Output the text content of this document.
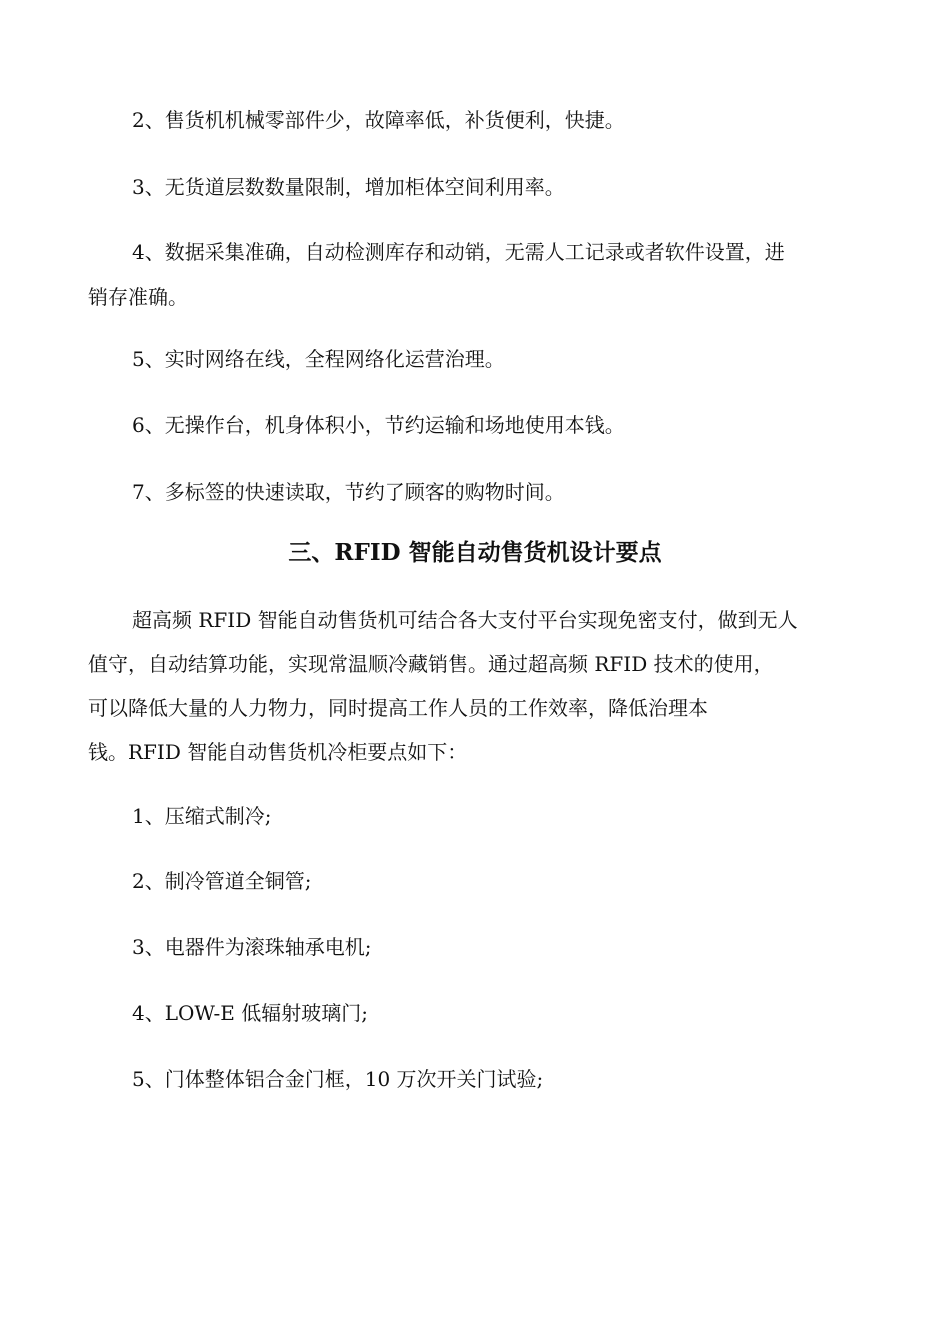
2、售货机机械零部件少，故障率低，补货便利，快捷。
3、无货道层数数量限制，增加柜体空间利用率。
4、数据采集准确，自动检测库存和动销，无需人工记录或者软件设置，进
销存准确。
5、实时网络在线，全程网络化运营治理。
6、无操作台，机身体积小，节约运输和场地使用本钱。
7、多标签的快速读取，节约了顾客的购物时间。
三、RFID 智能自动售货机设计要点
超高频 RFID 智能自动售货机可结合各大支付平台实现免密支付，做到无人
值守，自动结算功能，实现常温顺冷藏销售。通过超高频 RFID 技术的使用，
可以降低大量的人力物力，同时提高工作人员的工作效率，降低治理本
钱。RFID 智能自动售货机冷柜要点如下：
1、压缩式制冷;
2、制冷管道全铜管;
3、电器件为滚珠轴承电机;
4、LOW-E 低辐射玻璃门;
5、门体整体铝合金门框，10 万次开关门试验;
